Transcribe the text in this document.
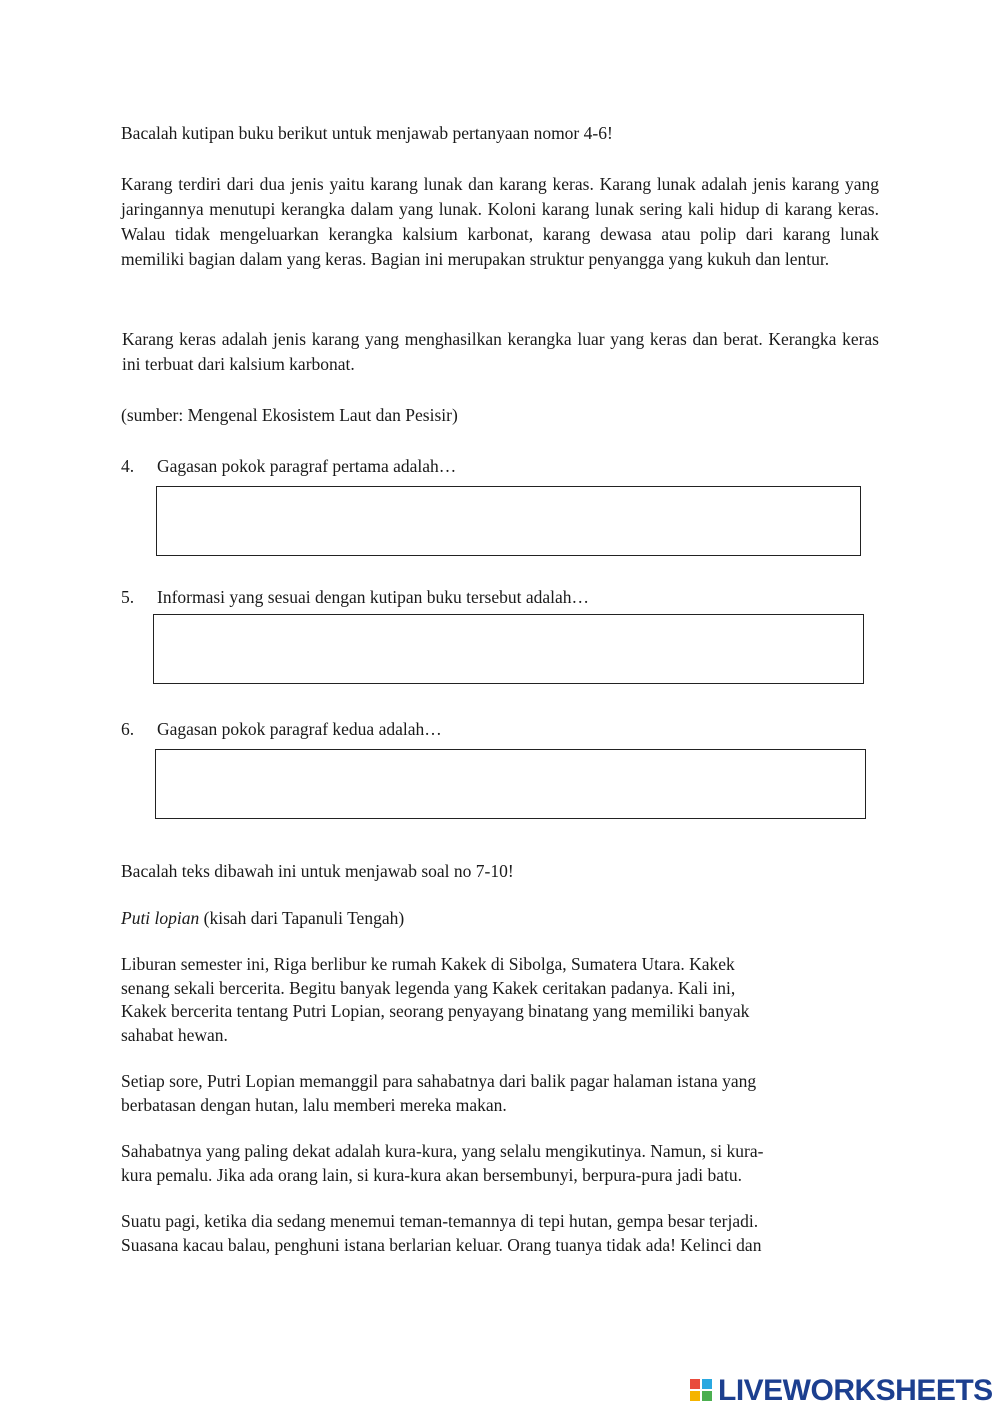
Bacalah kutipan buku berikut untuk menjawab pertanyaan nomor 4-6!

Karang terdiri dari dua jenis yaitu karang lunak dan karang keras. Karang lunak adalah jenis karang yang jaringannya menutupi kerangka dalam yang lunak. Koloni karang lunak sering kali hidup di karang keras. Walau tidak mengeluarkan kerangka kalsium karbonat, karang dewasa atau polip dari karang lunak memiliki bagian dalam yang keras. Bagian ini merupakan struktur penyangga yang kukuh dan lentur.

Karang keras adalah jenis karang yang menghasilkan kerangka luar yang keras dan berat. Kerangka keras ini terbuat dari kalsium karbonat.

(sumber: Mengenal Ekosistem Laut dan Pesisir)

4. Gagasan pokok paragraf pertama adalah…
5. Informasi yang sesuai dengan kutipan buku tersebut adalah…
6. Gagasan pokok paragraf kedua adalah…

Bacalah teks dibawah ini untuk menjawab soal no 7-10!

Puti lopian (kisah dari Tapanuli Tengah)

Liburan semester ini, Riga berlibur ke rumah Kakek di Sibolga, Sumatera Utara. Kakek
senang sekali bercerita. Begitu banyak legenda yang Kakek ceritakan padanya. Kali ini,
Kakek bercerita tentang Putri Lopian, seorang penyayang binatang yang memiliki banyak
sahabat hewan.
Setiap sore, Putri Lopian memanggil para sahabatnya dari balik pagar halaman istana yang
berbatasan dengan hutan, lalu memberi mereka makan.
Sahabatnya yang paling dekat adalah kura-kura, yang selalu mengikutinya. Namun, si kura-
kura pemalu. Jika ada orang lain, si kura-kura akan bersembunyi, berpura-pura jadi batu.
Suatu pagi, ketika dia sedang menemui teman-temannya di tepi hutan, gempa besar terjadi.
Suasana kacau balau, penghuni istana berlarian keluar. Orang tuanya tidak ada! Kelinci dan
LIVEWORKSHEETS
